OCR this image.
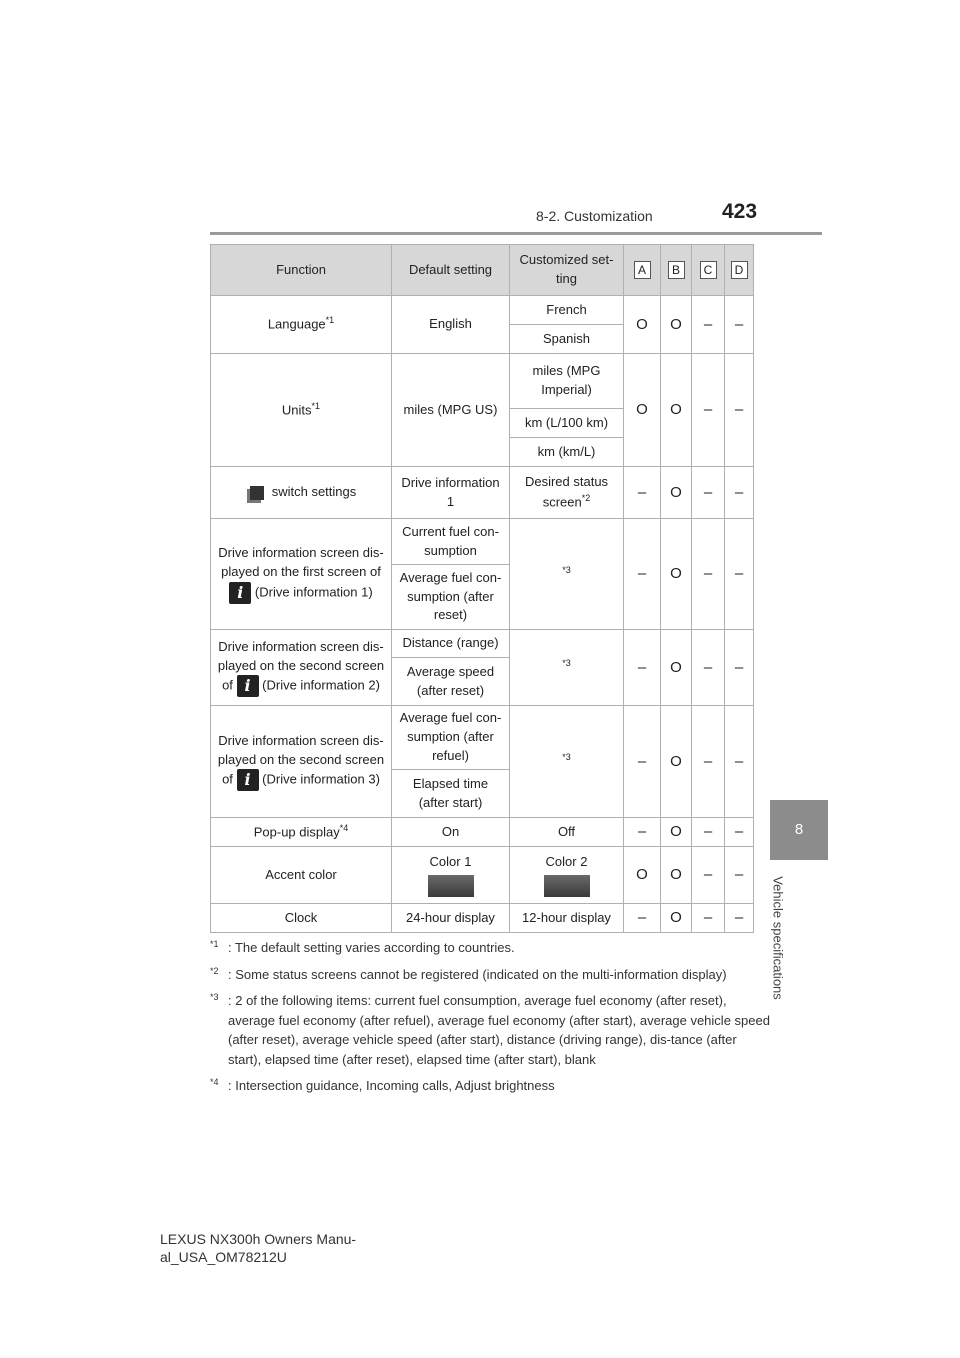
8-2. Customization	423
8
Vehicle specifications
Function	Default setting	Customized set-ting	A	B	C	D
Language$^{*1}$	English	French	O	O	–	–
		Spanish				
Units$^{*1}$	miles (MPG US)	miles (MPG Imperial)	O	O	–	–
		km (L/100 km)				
		km (km/L)				
switch settings	Drive information 1	Desired status screen$^{*2}$	–	O	–	–
Drive information screen dis-played on the first screen of i (Drive information 1)	Current fuel con-sumption	$^{*3}$	–	O	–	–
	Average fuel con-sumption (after reset)					
Drive information screen dis-played on the second screen of i (Drive information 2)	Distance (range)	$^{*3}$	–	O	–	–
	Average speed (after reset)					
Drive information screen dis-played on the second screen of i (Drive information 3)	Average fuel con-sumption (after refuel)	$^{*3}$	–	O	–	–
	Elapsed time (after start)					
Pop-up display$^{*4}$	On	Off	–	O	–	–
Accent color	Color 1	Color 2	O	O	–	–
Clock	24-hour display	12-hour display	–	O	–	–
*1 : The default setting varies according to countries.
*2 : Some status screens cannot be registered (indicated on the multi-information display)
*3 : 2 of the following items: current fuel consumption, average fuel economy (after reset), average fuel economy (after refuel), average fuel economy (after start), average vehicle speed (after reset), average vehicle speed (after start), distance (driving range), dis-tance (after start), elapsed time (after reset), elapsed time (after start), blank
*4 : Intersection guidance, Incoming calls, Adjust brightness
LEXUS NX300h Owners Manu-
al_USA_OM78212U
